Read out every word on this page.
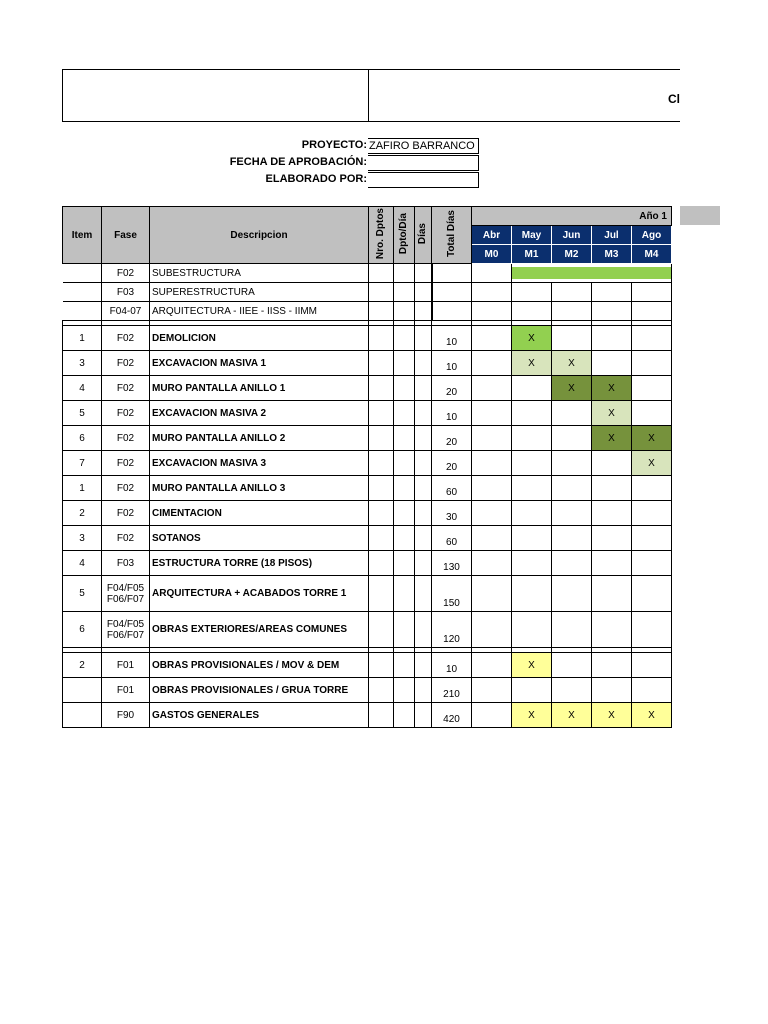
Cl
PROYECTO: ZAFIRO BARRANCO
FECHA DE APROBACIÓN:
ELABORADO POR:
Item	Fase	Descripcion	Nro. Dptos	Dpto/Día	Días	Total Días	Año 1				
							Abr	May	Jun	Jul	Ago
							M0	M1	M2	M3	M4
	F02	SUBESTRUCTURA						

	F03	SUPERESTRUCTURA									
	F04-07	ARQUITECTURA - IIEE - IISS - IIMM									

1	F02	DEMOLICION				10		X			
3	F02	EXCAVACION MASIVA 1				10		X	X		
4	F02	MURO PANTALLA ANILLO 1				20			X	X	
5	F02	EXCAVACION MASIVA 2				10				X	
6	F02	MURO PANTALLA ANILLO 2				20				X	X
7	F02	EXCAVACION MASIVA 3				20					X
1	F02	MURO PANTALLA ANILLO 3				60					
2	F02	CIMENTACION				30					
3	F02	SOTANOS				60					
4	F03	ESTRUCTURA TORRE (18 PISOS)				130					
5	F04/F05
F06/F07	ARQUITECTURA + ACABADOS TORRE 1				150					
6	F04/F05
F06/F07	OBRAS EXTERIORES/AREAS COMUNES				120					

2	F01	OBRAS PROVISIONALES / MOV & DEM				10		X			
	F01	OBRAS PROVISIONALES / GRUA TORRE				210					
	F90	GASTOS GENERALES				420		X	X	X	X
